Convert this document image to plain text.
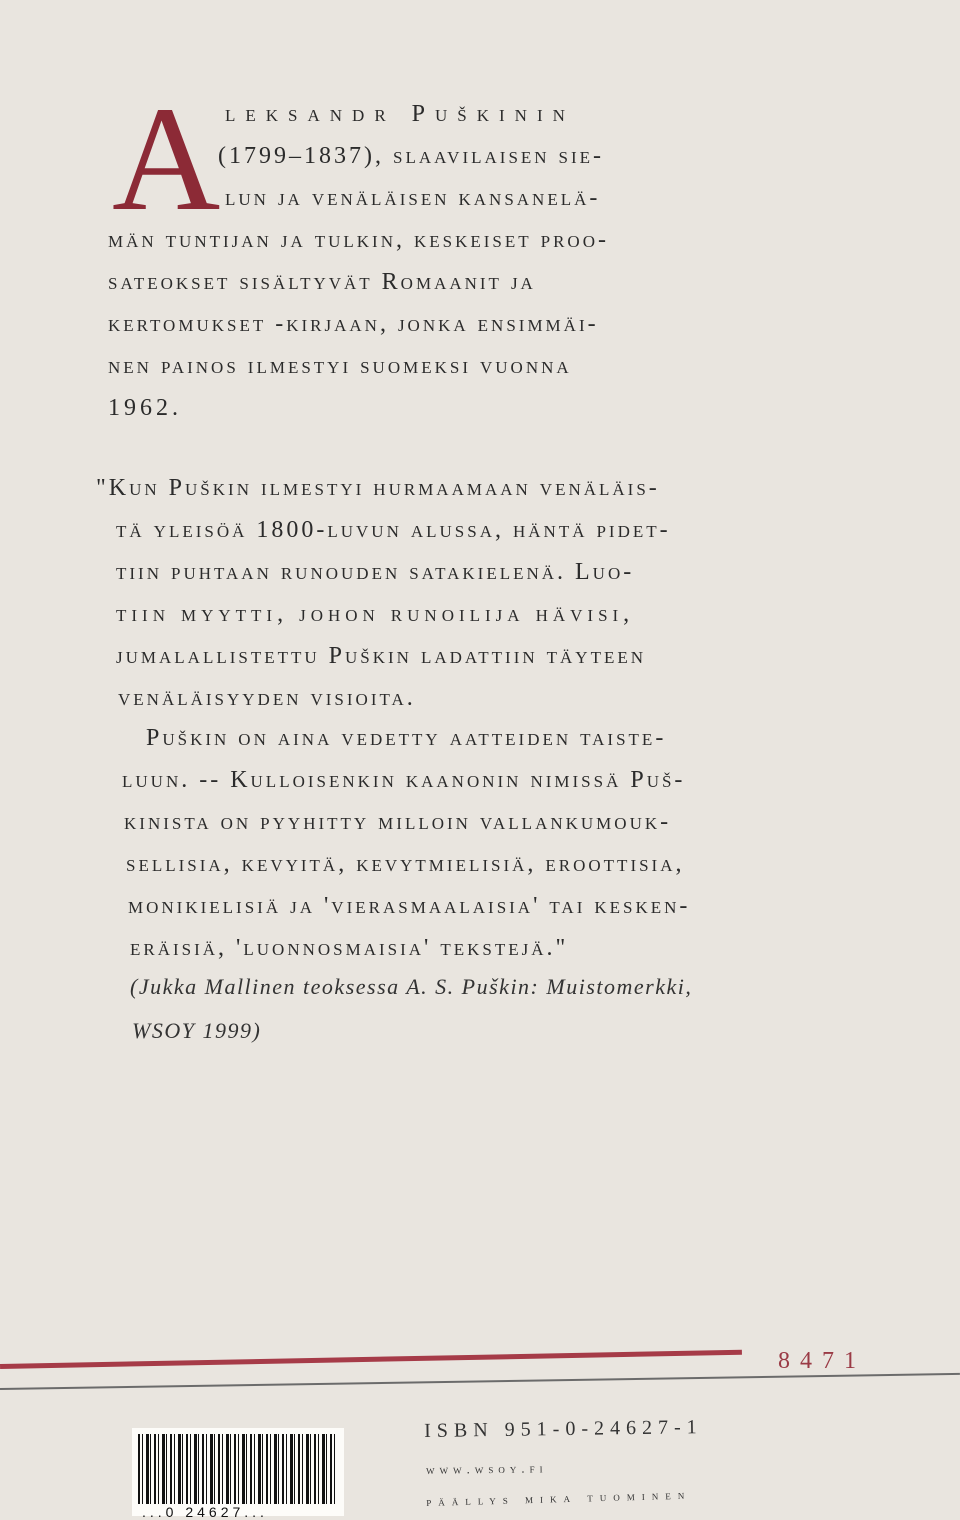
A leksandr Puškinin

(1799–1837), slaavilaisen sie-

lun ja venäläisen kansanelä-

män tuntijan ja tulkin, keskeiset proo-

sateokset sisältyvät Romaanit ja

kertomukset -kirjaan, jonka ensimmäi-

nen painos ilmestyi suomeksi vuonna

1962.

"Kun Puškin ilmestyi hurmaamaan venäläis-

tä yleisöä 1800-luvun alussa, häntä pidet-

tiin puhtaan runouden satakielenä. Luo-

tiin myytti, johon runoilija hävisi,

jumalallistettu Puškin ladattiin täyteen

venäläisyyden visioita.

Puškin on aina vedetty aatteiden taiste-

luun. -- Kulloisenkin kaanonin nimissä Puš-

kinista on pyyhitty milloin vallankumouk-

sellisia, kevyitä, kevytmielisiä, eroottisia,

monikielisiä ja 'vierasmaalaisia' tai kesken-

eräisiä, 'luonnosmaisia' tekstejä."

(Jukka Mallinen teoksessa A. S. Puškin: Muistomerkki,

WSOY 1999)

8471

...0 24627...

ISBN 951-0-24627-1

www.wsoy.fi

päällys mika tuominen
